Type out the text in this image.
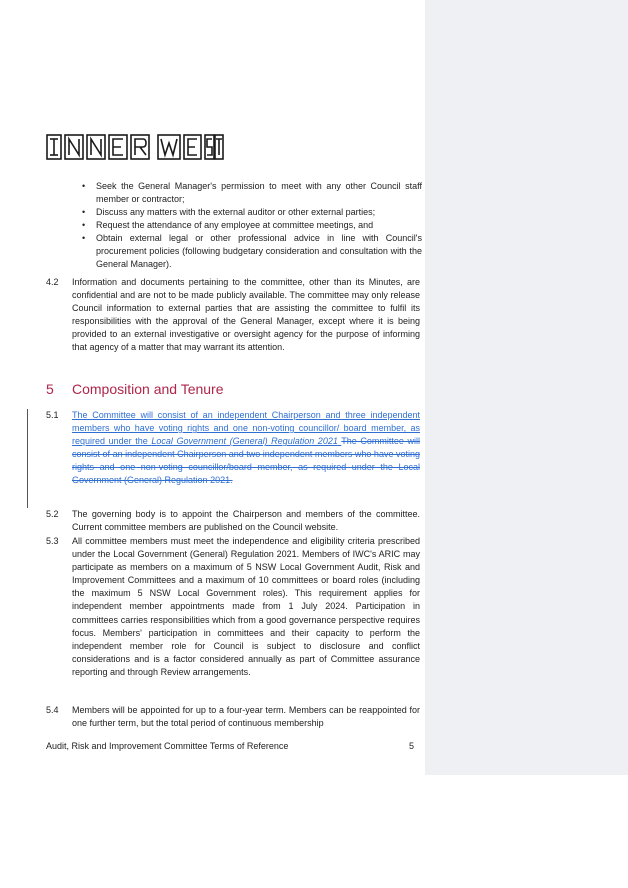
• Seek the General Manager's permission to meet with any other Council staff member or contractor;
• Discuss any matters with the external auditor or other external parties;
• Request the attendance of any employee at committee meetings, and
• Obtain external legal or other professional advice in line with Council's procurement policies (following budgetary consideration and consultation with the General Manager).
4.2	Information and documents pertaining to the committee, other than its Minutes, are confidential and are not to be made publicly available. The committee may only release Council information to external parties that are assisting the committee to fulfil its responsibilities with the approval of the General Manager, except where it is being provided to an external investigative or oversight agency for the purpose of informing that agency of a matter that may warrant its attention.
5 Composition and Tenure
5.1	The Committee will consist of an independent Chairperson and three independent members who have voting rights and one non-voting councillor/ board member, as required under the Local Government (General) Regulation 2021 The Committee will consist of an independent Chairperson and two independent members who have voting rights and one non-voting councillor/board member, as required under the Local Government (General) Regulation 2021.
5.2	The governing body is to appoint the Chairperson and members of the committee. Current committee members are published on the Council website.
5.3	All committee members must meet the independence and eligibility criteria prescribed under the Local Government (General) Regulation 2021. Members of IWC's ARIC may participate as members on a maximum of 5 NSW Local Government Audit, Risk and Improvement Committees and a maximum of 10 committees or board roles (including the maximum 5 NSW Local Government roles). This requirement applies for independent member appointments made from 1 July 2024. Participation in committees carries responsibilities which from a good governance perspective requires focus. Members' participation in committees and their capacity to perform the independent member role for Council is subject to disclosure and conflict considerations and is a factor considered annually as part of Committee assurance reporting and through Review arrangements.
5.4	Members will be appointed for up to a four-year term. Members can be reappointed for one further term, but the total period of continuous membership
Audit, Risk and Improvement Committee Terms of Reference	5
